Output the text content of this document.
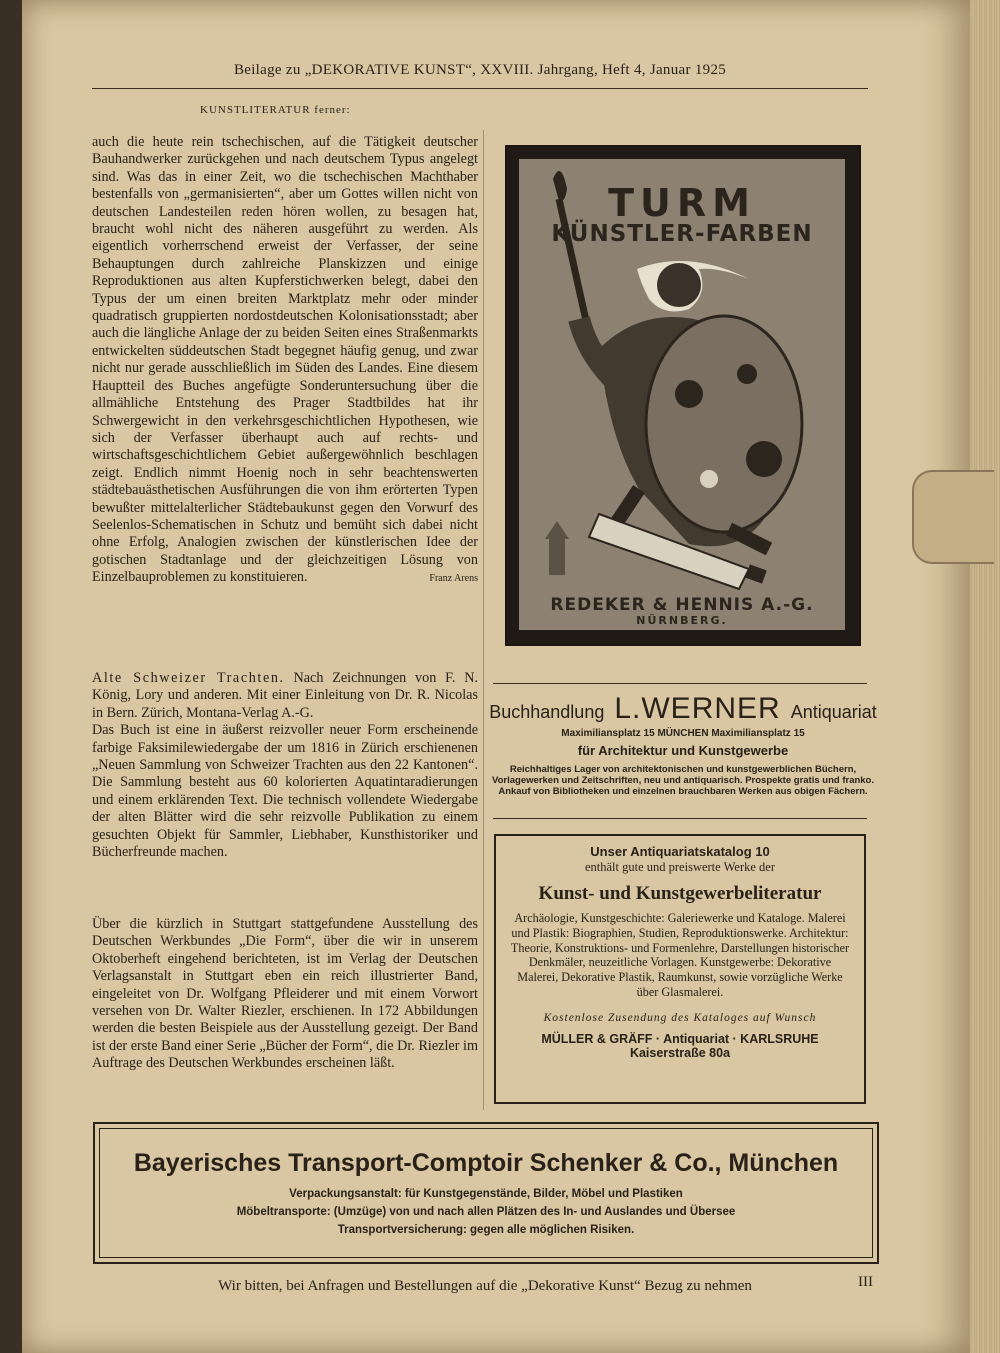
Beilage zu „DEKORATIVE KUNST“, XXVIII. Jahrgang, Heft 4, Januar 1925
KUNSTLITERATUR ferner:

auch die heute rein tschechischen, auf die Tätigkeit deutscher Bauhandwerker zurückgehen und nach deutschem Typus angelegt sind. Was das in einer Zeit, wo die tschechischen Machthaber bestenfalls von „germanisierten“, aber um Gottes willen nicht von deutschen Landesteilen reden hören wollen, zu besagen hat, braucht wohl nicht des näheren ausgeführt zu werden. Als eigentlich vorherrschend erweist der Verfasser, der seine Behauptungen durch zahlreiche Planskizzen und einige Reproduktionen aus alten Kupferstichwerken belegt, dabei den Typus der um einen breiten Marktplatz mehr oder minder quadratisch gruppierten nordostdeutschen Kolonisationsstadt; aber auch die längliche Anlage der zu beiden Seiten eines Straßenmarkts entwickelten süddeutschen Stadt begegnet häufig genug, und zwar nicht nur gerade ausschließlich im Süden des Landes. Eine diesem Hauptteil des Buches angefügte Sonderuntersuchung über die allmähliche Entstehung des Prager Stadtbildes hat ihr Schwergewicht in den verkehrsgeschichtlichen Hypothesen, wie sich der Verfasser überhaupt auch auf rechts- und wirtschaftsgeschichtlichem Gebiet außergewöhnlich beschlagen zeigt. Endlich nimmt Hoenig noch in sehr beachtenswerten städtebauästhetischen Ausführungen die von ihm erörterten Typen bewußter mittelalterlicher Städtebaukunst gegen den Vorwurf des Seelenlos-Schematischen in Schutz und bemüht sich dabei nicht ohne Erfolg, Analogien zwischen der künstlerischen Idee der gotischen Stadtanlage und der gleichzeitigen Lösung von Einzelbauproblemen zu konstituieren.	Franz Arens

Alte Schweizer Trachten. Nach Zeichnungen von F. N. König, Lory und anderen. Mit einer Einleitung von Dr. R. Nicolas in Bern. Zürich, Montana-Verlag A.-G.

Das Buch ist eine in äußerst reizvoller neuer Form erscheinende farbige Faksimilewiedergabe der um 1816 in Zürich erschienenen „Neuen Sammlung von Schweizer Trachten aus den 22 Kantonen“. Die Sammlung besteht aus 60 kolorierten Aquatintaradierungen und einem erklärenden Text. Die technisch vollendete Wiedergabe der alten Blätter wird die sehr reizvolle Publikation zu einem gesuchten Objekt für Sammler, Liebhaber, Kunsthistoriker und Bücherfreunde machen.

Über die kürzlich in Stuttgart stattgefundene Ausstellung des Deutschen Werkbundes „Die Form“, über die wir in unserem Oktoberheft eingehend berichteten, ist im Verlag der Deutschen Verlagsanstalt in Stuttgart eben ein reich illustrierter Band, eingeleitet von Dr. Wolfgang Pfleiderer und mit einem Vorwort versehen von Dr. Walter Riezler, erschienen. In 172 Abbildungen werden die besten Beispiele aus der Ausstellung gezeigt. Der Band ist der erste Band einer Serie „Bücher der Form“, die Dr. Riezler im Auftrage des Deutschen Werkbundes erscheinen läßt.

TURM
KÜNSTLER-FARBEN
REDEKER & HENNIS A.-G.
NÜRNBERG.
Buchhandlung L.WERNER Antiquariat
Maximiliansplatz 15 MÜNCHEN Maximiliansplatz 15
für Architektur und Kunstgewerbe
Reichhaltiges Lager von architektonischen und kunstgewerblichen Büchern, Vorlagewerken und Zeitschriften, neu und antiquarisch. Prospekte gratis und franko. Ankauf von Bibliotheken und einzelnen brauchbaren Werken aus obigen Fächern.
Unser Antiquariatskatalog 10
enthält gute und preiswerte Werke der
Kunst- und Kunstgewerbeliteratur
Archäologie, Kunstgeschichte: Galeriewerke und Kataloge. Malerei und Plastik: Biographien, Studien, Reproduktionswerke. Architektur: Theorie, Konstruktions- und Formenlehre, Darstellungen historischer Denkmäler, neuzeitliche Vorlagen. Kunstgewerbe: Dekorative Malerei, Dekorative Plastik, Raumkunst, sowie vorzügliche Werke über Glasmalerei.
Kostenlose Zusendung des Kataloges auf Wunsch
MÜLLER & GRÄFF · Antiquariat · KARLSRUHE
Kaiserstraße 80a
Bayerisches Transport-Comptoir Schenker & Co., München
Verpackungsanstalt: für Kunstgegenstände, Bilder, Möbel und Plastiken
Möbeltransporte: (Umzüge) von und nach allen Plätzen des In- und Auslandes und Übersee
Transportversicherung: gegen alle möglichen Risiken.
Wir bitten, bei Anfragen und Bestellungen auf die „Dekorative Kunst“ Bezug zu nehmen	III
